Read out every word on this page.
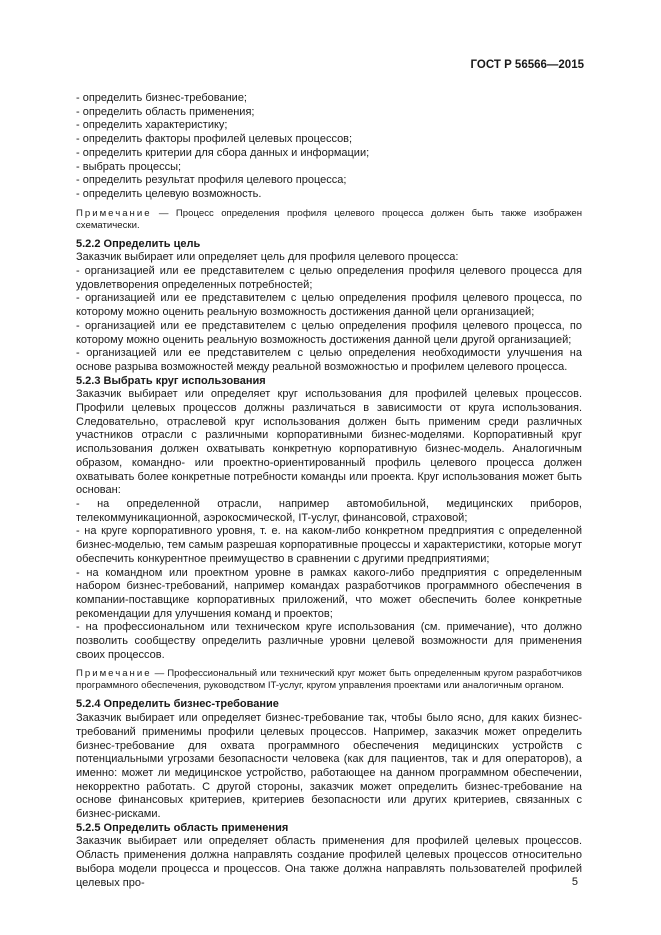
ГОСТ Р 56566—2015

- определить бизнес-требование;

- определить область применения;

- определить характеристику;

- определить факторы профилей целевых процессов;

- определить критерии для сбора данных и информации;

- выбрать процессы;

- определить результат профиля целевого процесса;

- определить целевую возможность.

Примечание — Процесс определения профиля целевого процесса должен быть также изображен схематически.

5.2.2 Определить цель

Заказчик выбирает или определяет цель для профиля целевого процесса:

- организацией или ее представителем с целью определения профиля целевого процесса для удовлетворения определенных потребностей;

- организацией или ее представителем с целью определения профиля целевого процесса, по которому можно оценить реальную возможность достижения данной цели организацией;

- организацией или ее представителем с целью определения профиля целевого процесса, по которому можно оценить реальную возможность достижения данной цели другой организацией;

- организацией или ее представителем с целью определения необходимости улучшения на основе разрыва возможностей между реальной возможностью и профилем целевого процесса.

5.2.3 Выбрать круг использования

Заказчик выбирает или определяет круг использования для профилей целевых процессов. Профили целевых процессов должны различаться в зависимости от круга использования. Следовательно, отраслевой круг использования должен быть применим среди различных участников отрасли с различными корпоративными бизнес-моделями. Корпоративный круг использования должен охватывать конкретную корпоративную бизнес-модель. Аналогичным образом, командно- или проектно-ориентированный профиль целевого процесса должен охватывать более конкретные потребности команды или проекта. Круг использования может быть основан:

- на определенной отрасли, например автомобильной, медицинских приборов, телекоммуникационной, аэрокосмической, IT-услуг, финансовой, страховой;

- на круге корпоративного уровня, т. е. на каком-либо конкретном предприятия с определенной бизнес-моделью, тем самым разрешая корпоративные процессы и характеристики, которые могут обеспечить конкурентное преимущество в сравнении с другими предприятиями;

- на командном или проектном уровне в рамках какого-либо предприятия с определенным набором бизнес-требований, например командах разработчиков программного обеспечения в компании-поставщике корпоративных приложений, что может обеспечить более конкретные рекомендации для улучшения команд и проектов;

- на профессиональном или техническом круге использования (см. примечание), что должно позволить сообществу определить различные уровни целевой возможности для применения своих процессов.

Примечание — Профессиональный или технический круг может быть определенным кругом разработчиков программного обеспечения, руководством IT-услуг, кругом управления проектами или аналогичным органом.

5.2.4 Определить бизнес-требование

Заказчик выбирает или определяет бизнес-требование так, чтобы было ясно, для каких бизнес-требований применимы профили целевых процессов. Например, заказчик может определить бизнес-требование для охвата программного обеспечения медицинских устройств с потенциальными угрозами безопасности человека (как для пациентов, так и для операторов), а именно: может ли медицинское устройство, работающее на данном программном обеспечении, некорректно работать. С другой стороны, заказчик может определить бизнес-требование на основе финансовых критериев, критериев безопасности или других критериев, связанных с бизнес-рисками.

5.2.5 Определить область применения

Заказчик выбирает или определяет область применения для профилей целевых процессов. Область применения должна направлять создание профилей целевых процессов относительно выбора модели процесса и процессов. Она также должна направлять пользователей профилей целевых про-	5
